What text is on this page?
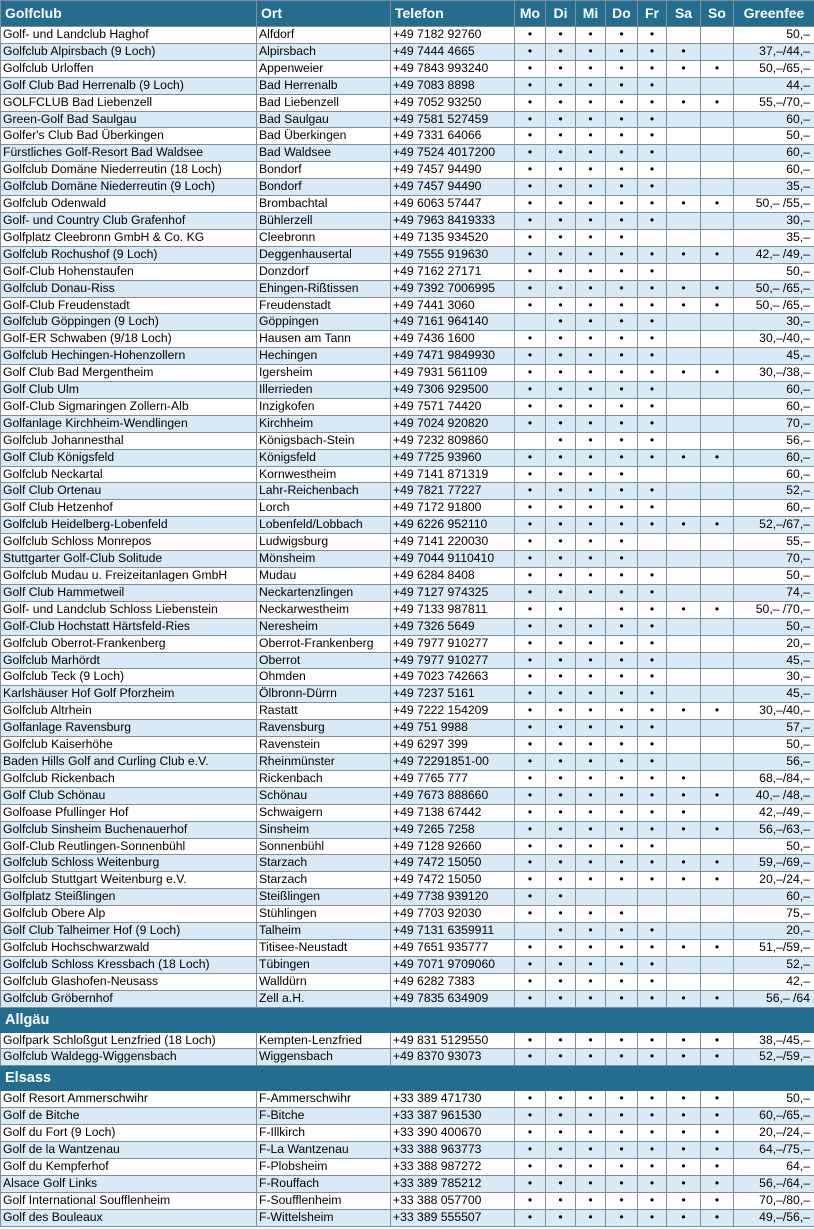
Golfclub	Ort	Telefon	Mo	Di	Mi	Do	Fr	Sa	So	Greenfee
Golf- und Landclub Haghof	Alfdorf	+49 7182 92760	•	•	•	•	•			50,–
Golfclub Alpirsbach (9 Loch)	Alpirsbach	+49 7444 4665	•	•	•	•	•	•		37,–/44,–
Golfclub Urloffen	Appenweier	+49 7843 993240	•	•	•	•	•	•	•	50,–/65,–
Golf Club Bad Herrenalb (9 Loch)	Bad Herrenalb	+49 7083 8898	•	•	•	•	•			44,–
GOLFCLUB Bad Liebenzell	Bad Liebenzell	+49 7052 93250	•	•	•	•	•	•	•	55,–/70,–
Green-Golf Bad Saulgau	Bad Saulgau	+49 7581 527459	•	•	•	•	•			60,–
Golfer's Club Bad Überkingen	Bad Überkingen	+49 7331 64066	•	•	•	•	•			50,–
Fürstliches Golf-Resort Bad Waldsee	Bad Waldsee	+49 7524 4017200	•	•	•	•	•			60,–
Golfclub Domäne Niederreutin (18 Loch)	Bondorf	+49 7457 94490	•	•	•	•	•			60,–
Golfclub Domäne Niederreutin (9 Loch)	Bondorf	+49 7457 94490	•	•	•	•	•			35,–
Golfclub Odenwald	Brombachtal	+49 6063 57447	•	•	•	•	•	•	•	50,– /55,–
Golf- und Country Club Grafenhof	Bühlerzell	+49 7963 8419333	•	•	•	•	•			30,–
Golfplatz Cleebronn GmbH & Co. KG	Cleebronn	+49 7135 934520	•	•	•	•				35,–
Golfclub Rochushof (9 Loch)	Deggenhausertal	+49 7555 919630	•	•	•	•	•	•	•	42,– /49,–
Golf-Club Hohenstaufen	Donzdorf	+49 7162 27171	•	•	•	•	•			50,–
Golfclub Donau-Riss	Ehingen-Rißtissen	+49 7392 7006995	•	•	•	•	•	•	•	50,– /65,–
Golf-Club Freudenstadt	Freudenstadt	+49 7441 3060	•	•	•	•	•	•	•	50,– /65,–
Golfclub Göppingen (9 Loch)	Göppingen	+49 7161 964140		•	•	•	•			30,–
Golf-ER Schwaben (9/18 Loch)	Hausen am Tann	+49 7436 1600	•	•	•	•	•			30,–/40,–
Golfclub Hechingen-Hohenzollern	Hechingen	+49 7471 9849930	•	•	•	•	•			45,–
Golf Club Bad Mergentheim	Igersheim	+49 7931 561109	•	•	•	•	•	•	•	30,–/38,–
Golf Club Ulm	Illerrieden	+49 7306 929500	•	•	•	•	•			60,–
Golf-Club Sigmaringen Zollern-Alb	Inzigkofen	+49 7571 74420	•	•	•	•	•			60,–
Golfanlage Kirchheim-Wendlingen	Kirchheim	+49 7024 920820	•	•	•	•	•			70,–
Golfclub Johannesthal	Königsbach-Stein	+49 7232 809860		•	•	•	•			56,–
Golf Club Königsfeld	Königsfeld	+49 7725 93960	•	•	•	•	•	•	•	60,–
Golfclub Neckartal	Kornwestheim	+49 7141 871319	•	•	•	•				60,–
Golf Club Ortenau	Lahr-Reichenbach	+49 7821 77227	•	•	•	•	•			52,–
Golf Club Hetzenhof	Lorch	+49 7172 91800	•	•	•	•	•			60,–
Golfclub Heidelberg-Lobenfeld	Lobenfeld/Lobbach	+49 6226 952110	•	•	•	•	•	•	•	52,–/67,–
Golfclub Schloss Monrepos	Ludwigsburg	+49 7141 220030	•	•	•	•				55,–
Stuttgarter Golf-Club Solitude	Mönsheim	+49 7044 9110410	•	•	•	•				70,–
Golfclub Mudau u. Freizeitanlagen GmbH	Mudau	+49 6284 8408	•	•	•	•	•			50,–
Golf Club Hammetweil	Neckartenzlingen	+49 7127 974325	•	•	•	•	•			74,–
Golf- und Landclub Schloss Liebenstein	Neckarwestheim	+49 7133 987811	•	•		•	•	•	•	50,– /70,–
Golf-Club Hochstatt Härtsfeld-Ries	Neresheim	+49 7326 5649	•	•	•	•	•			50,–
Golfclub Oberrot-Frankenberg	Oberrot-Frankenberg	+49 7977 910277	•	•	•	•	•			20,–
Golfclub Marhördt	Oberrot	+49 7977 910277	•	•	•	•	•			45,–
Golfclub Teck (9 Loch)	Ohmden	+49 7023 742663	•	•	•	•	•			30,–
Karlshäuser Hof Golf Pforzheim	Ölbronn-Dürrn	+49 7237 5161	•	•	•	•	•			45,–
Golfclub Altrhein	Rastatt	+49 7222 154209	•	•	•	•	•	•	•	30,–/40,–
Golfanlage Ravensburg	Ravensburg	+49 751 9988	•	•	•	•	•			57,–
Golfclub Kaiserhöhe	Ravenstein	+49 6297 399	•	•	•	•	•			50,–
Baden Hills Golf and Curling Club e.V.	Rheinmünster	+49 72291851-00	•	•	•	•	•			56,–
Golfclub Rickenbach	Rickenbach	+49 7765 777	•	•	•	•	•	•		68,–/84,–
Golf Club Schönau	Schönau	+49 7673 888660	•	•	•	•	•	•	•	40,– /48,–
Golfoase Pfullinger Hof	Schwaigern	+49 7138 67442	•	•	•	•	•	•		42,–/49,–
Golfclub Sinsheim Buchenauerhof	Sinsheim	+49 7265 7258	•	•	•	•	•	•	•	56,–/63,–
Golf-Club Reutlingen-Sonnenbühl	Sonnenbühl	+49 7128 92660	•	•	•	•	•			50,–
Golfclub Schloss Weitenburg	Starzach	+49 7472 15050	•	•	•	•	•	•	•	59,–/69,–
Golfclub Stuttgart Weitenburg e.V.	Starzach	+49 7472 15050	•	•	•	•	•	•	•	20,–/24,–
Golfplatz Steißlingen	Steißlingen	+49 7738 939120	•	•						60,–
Golfclub Obere Alp	Stühlingen	+49 7703 92030	•	•	•	•				75,–
Golf Club Talheimer Hof (9 Loch)	Talheim	+49 7131 6359911		•	•	•	•			20,–
Golfclub Hochschwarzwald	Titisee-Neustadt	+49 7651 935777	•	•	•	•	•	•	•	51,–/59,–
Golfclub Schloss Kressbach (18 Loch)	Tübingen	+49 7071 9709060	•	•	•	•	•			52,–
Golfclub Glashofen-Neusass	Walldürn	+49 6282 7383	•	•	•	•	•			42,–
Golfclub Gröbernhof	Zell a.H.	+49 7835 634909	•	•	•	•	•	•	•	56,– /64
Allgäu										
Golfpark Schloßgut Lenzfried (18 Loch)	Kempten-Lenzfried	+49 831 5129550	•	•	•	•	•	•	•	38,–/45,–
Golfclub Waldegg-Wiggensbach	Wiggensbach	+49 8370 93073	•	•	•	•	•	•	•	52,–/59,–
Elsass										
Golf Resort Ammerschwihr	F-Ammerschwihr	+33 389 471730	•	•	•	•	•	•	•	50,–
Golf de Bitche	F-Bitche	+33 387 961530	•	•	•	•	•	•	•	60,–/65,–
Golf du Fort (9 Loch)	F-Illkirch	+33 390 400670	•	•	•	•	•	•	•	20,–/24,–
Golf de la Wantzenau	F-La Wantzenau	+33 388 963773	•	•	•	•	•	•	•	64,–/75,–
Golf du Kempferhof	F-Plobsheim	+33 388 987272	•	•	•	•	•	•	•	64,–
Alsace Golf Links	F-Rouffach	+33 389 785212	•	•	•	•	•	•	•	56,–/64,–
Golf International Soufflenheim	F-Soufflenheim	+33 388 057700	•	•	•	•	•	•	•	70,–/80,–
Golf des Bouleaux	F-Wittelsheim	+33 389 555507	•	•	•	•	•	•	•	49,–/56,–
